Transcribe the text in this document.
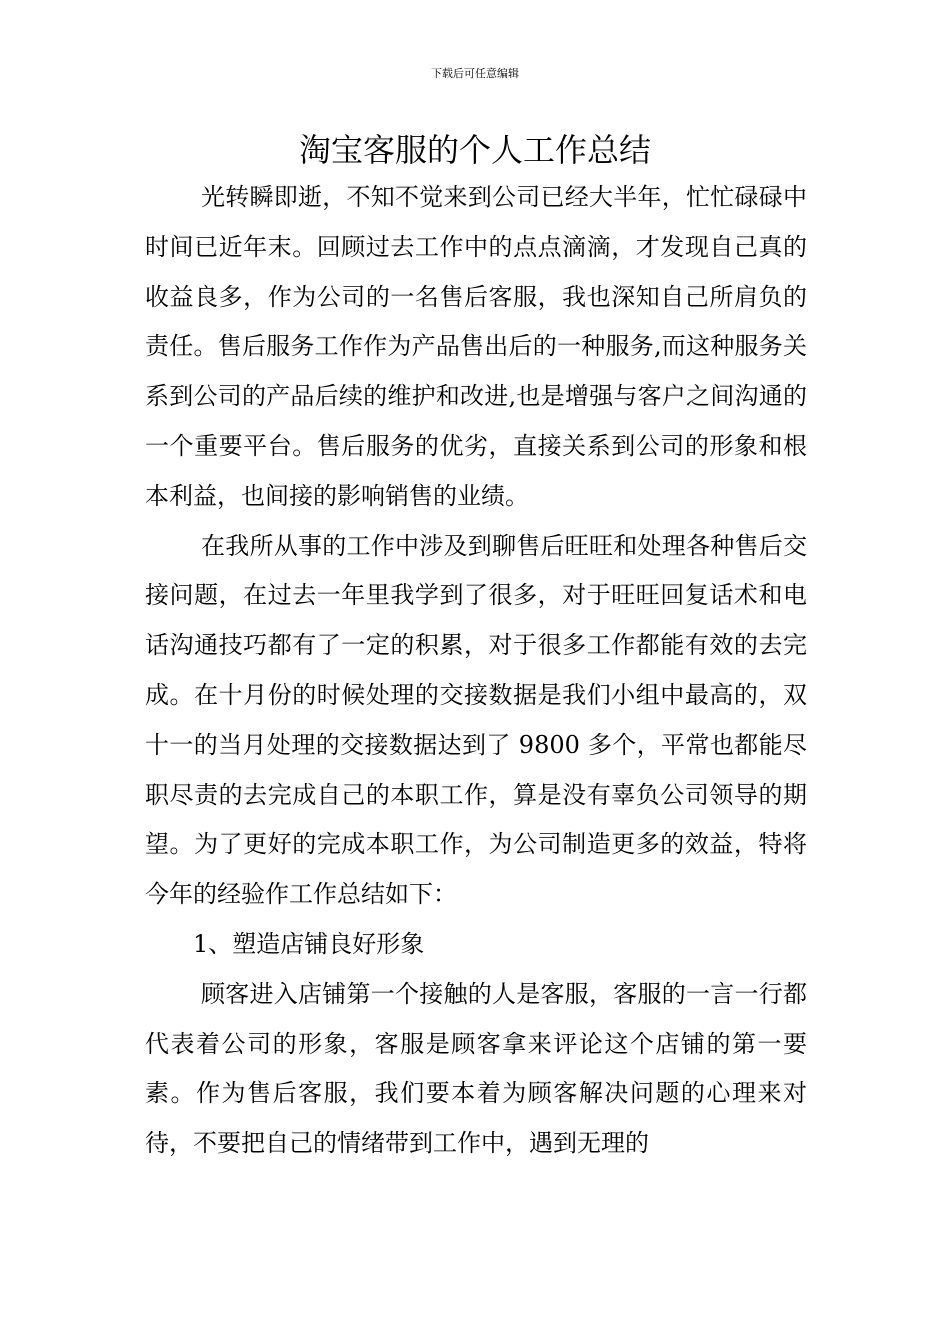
下载后可任意编辑
淘宝客服的个人工作总结

光转瞬即逝，不知不觉来到公司已经大半年，忙忙碌碌中时间已近年末。回顾过去工作中的点点滴滴，才发现自己真的收益良多，作为公司的一名售后客服，我也深知自己所肩负的责任。售后服务工作作为产品售出后的一种服务,而这种服务关系到公司的产品后续的维护和改进,也是增强与客户之间沟通的一个重要平台。售后服务的优劣，直接关系到公司的形象和根本利益，也间接的影响销售的业绩。

在我所从事的工作中涉及到聊售后旺旺和处理各种售后交接问题，在过去一年里我学到了很多，对于旺旺回复话术和电话沟通技巧都有了一定的积累，对于很多工作都能有效的去完成。在十月份的时候处理的交接数据是我们小组中最高的，双十一的当月处理的交接数据达到了 9800 多个，平常也都能尽职尽责的去完成自己的本职工作，算是没有辜负公司领导的期望。为了更好的完成本职工作，为公司制造更多的效益，特将今年的经验作工作总结如下：

1、塑造店铺良好形象

顾客进入店铺第一个接触的人是客服，客服的一言一行都代表着公司的形象，客服是顾客拿来评论这个店铺的第一要素。作为售后客服，我们要本着为顾客解决问题的心理来对待，不要把自己的情绪带到工作中，遇到无理的
